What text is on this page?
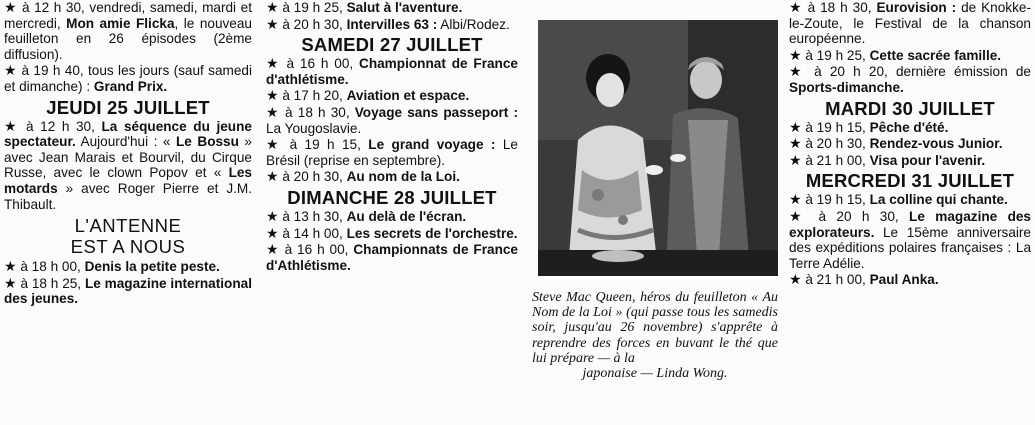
★ à 12 h 30, vendredi, samedi, mardi et mercredi, Mon amie Flicka, le nouveau feuilleton en 26 épisodes (2ème diffusion).

★ à 19 h 40, tous les jours (sauf samedi et dimanche) : Grand Prix.

JEUDI 25 JUILLET

★ à 12 h 30, La séquence du jeune spectateur. Aujourd'hui : « Le Bossu » avec Jean Marais et Bourvil, du Cirque Russe, avec le clown Popov et « Les motards » avec Roger Pierre et J.M. Thibault.

L'ANTENNE
EST A NOUS

★ à 18 h 00, Denis la petite peste.

★ à 18 h 25, Le magazine international des jeunes.

★ à 19 h 25, Salut à l'aventure.

★ à 20 h 30, Intervilles 63 : Albi/Rodez.

SAMEDI 27 JUILLET

★ à 16 h 00, Championnat de France d'athlétisme.

★ à 17 h 20, Aviation et espace.

★ à 18 h 30, Voyage sans passeport : La Yougoslavie.

★ à 19 h 15, Le grand voyage : Le Brésil (reprise en septembre).

★ à 20 h 30, Au nom de la Loi.

DIMANCHE 28 JUILLET

★ à 13 h 30, Au delà de l'écran.

★ à 14 h 00, Les secrets de l'orchestre.

★ à 16 h 00, Championnats de France d'Athlétisme.

Steve Mac Queen, héros du feuilleton « Au Nom de la Loi » (qui passe tous les samedis soir, jusqu'au 26 novembre) s'apprête à reprendre des forces en buvant le thé que lui prépare — à la
japonaise — Linda Wong.

★ à 18 h 30, Eurovision : de Knokke-le-Zoute, le Festival de la chanson européenne.

★ à 19 h 25, Cette sacrée famille.

★ à 20 h 20, dernière émission de Sports-dimanche.

MARDI 30 JUILLET

★ à 19 h 15, Pêche d'été.

★ à 20 h 30, Rendez-vous Junior.

★ à 21 h 00, Visa pour l'avenir.

MERCREDI 31 JUILLET

★ à 19 h 15, La colline qui chante.

★ à 20 h 30, Le magazine des explorateurs. Le 15ème anniversaire des expéditions polaires françaises : La Terre Adélie.

★ à 21 h 00, Paul Anka.
